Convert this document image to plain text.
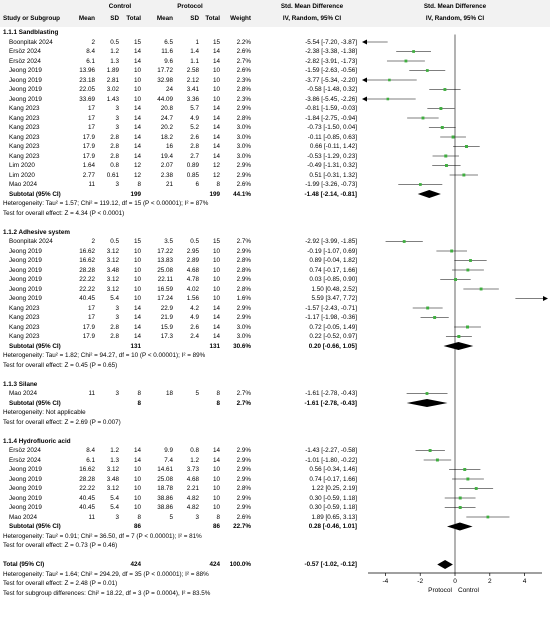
Control	Protocol	Std. Mean Difference
Study or Subgroup	Mean	SD	Total	Mean	SD	Total	Weight	IV, Random, 95% CI
Std. Mean Difference
IV, Random, 95% CI
1.1.1 Sandblasting
Boonpitak 2024	2	0.5	15	6.5	1	15	2.2%	-5.54 [-7.20, -3.87]
Ersöz 2024	8.4	1.2	14	11.6	1.4	14	2.6%	-2.38 [-3.38, -1.38]
Ersöz 2024	6.1	1.3	14	9.6	1.1	14	2.7%	-2.82 [-3.91, -1.73]
Jeong 2019	13.96	1.89	10	17.72	2.58	10	2.6%	-1.59 [-2.63, -0.56]
Jeong 2019	23.18	2.81	10	32.98	2.12	10	2.3%	-3.77 [-5.34, -2.20]
Jeong 2019	22.05	3.02	10	24	3.41	10	2.8%	-0.58 [-1.48, 0.32]
Jeong 2019	33.69	1.43	10	44.09	3.36	10	2.3%	-3.86 [-5.45, -2.26]
Kang 2023	17	3	14	20.8	5.7	14	2.9%	-0.81 [-1.59, -0.03]
Kang 2023	17	3	14	24.7	4.9	14	2.8%	-1.84 [-2.75, -0.94]
Kang 2023	17	3	14	20.2	5.2	14	3.0%	-0.73 [-1.50, 0.04]
Kang 2023	17.9	2.8	14	18.2	2.6	14	3.0%	-0.11 [-0.85, 0.63]
Kang 2023	17.9	2.8	14	16	2.8	14	3.0%	0.66 [-0.11, 1.42]
Kang 2023	17.9	2.8	14	19.4	2.7	14	3.0%	-0.53 [-1.29, 0.23]
Lim 2020	1.64	0.8	12	2.07	0.89	12	2.9%	-0.49 [-1.31, 0.32]
Lim 2020	2.77	0.61	12	2.38	0.85	12	2.9%	0.51 [-0.31, 1.32]
Mao 2024	11	3	8	21	6	8	2.6%	-1.99 [-3.26, -0.73]
Subtotal (95% CI)	199	199	44.1%	-1.48 [-2.14, -0.81]
Heterogeneity: Tau² = 1.57; Chi² = 119.12, df = 15 (P < 0.00001); I² = 87%
Test for overall effect: Z = 4.34 (P < 0.0001)
1.1.2 Adhesive system
Boonpitak 2024	2	0.5	15	3.5	0.5	15	2.7%	-2.92 [-3.99, -1.85]
Jeong 2019	16.62	3.12	10	17.22	2.95	10	2.9%	-0.19 [-1.07, 0.69]
Jeong 2019	16.62	3.12	10	13.83	2.89	10	2.8%	0.89 [-0.04, 1.82]
Jeong 2019	28.28	3.48	10	25.08	4.68	10	2.8%	0.74 [-0.17, 1.66]
Jeong 2019	22.22	3.12	10	22.11	4.78	10	2.9%	0.03 [-0.85, 0.90]
Jeong 2019	22.22	3.12	10	16.59	4.02	10	2.8%	1.50 [0.48, 2.52]
Jeong 2019	40.45	5.4	10	17.24	1.56	10	1.6%	5.59 [3.47, 7.72]
Kang 2023	17	3	14	22.9	4.2	14	2.9%	-1.57 [-2.43, -0.71]
Kang 2023	17	3	14	21.9	4.9	14	2.9%	-1.17 [-1.98, -0.36]
Kang 2023	17.9	2.8	14	15.9	2.6	14	3.0%	0.72 [-0.05, 1.49]
Kang 2023	17.9	2.8	14	17.3	2.4	14	3.0%	0.22 [-0.52, 0.97]
Subtotal (95% CI)	131	131	30.6%	0.20 [-0.66, 1.05]
Heterogeneity: Tau² = 1.82; Chi² = 94.27, df = 10 (P < 0.00001); I² = 89%
Test for overall effect: Z = 0.45 (P = 0.65)
1.1.3 Silane
Mao 2024	11	3	8	18	5	8	2.7%	-1.61 [-2.78, -0.43]
Subtotal (95% CI)	8	8	2.7%	-1.61 [-2.78, -0.43]
Heterogeneity: Not applicable
Test for overall effect: Z = 2.69 (P = 0.007)
1.1.4 Hydrofluoric acid
Ersöz 2024	8.4	1.2	14	9.9	0.8	14	2.9%	-1.43 [-2.27, -0.58]
Ersöz 2024	6.1	1.3	14	7.4	1.2	14	2.9%	-1.01 [-1.80, -0.22]
Jeong 2019	16.62	3.12	10	14.61	3.73	10	2.9%	0.56 [-0.34, 1.46]
Jeong 2019	28.28	3.48	10	25.08	4.68	10	2.9%	0.74 [-0.17, 1.66]
Jeong 2019	22.22	3.12	10	18.78	2.21	10	2.8%	1.22 [0.25, 2.19]
Jeong 2019	40.45	5.4	10	38.86	4.82	10	2.9%	0.30 [-0.59, 1.18]
Jeong 2019	40.45	5.4	10	38.86	4.82	10	2.9%	0.30 [-0.59, 1.18]
Mao 2024	11	3	8	5	3	8	2.6%	1.89 [0.65, 3.13]
Subtotal (95% CI)	86	86	22.7%	0.28 [-0.46, 1.01]
Heterogeneity: Tau² = 0.91; Chi² = 36.50, df = 7 (P < 0.00001); I² = 81%
Test for overall effect: Z = 0.73 (P = 0.46)
Total (95% CI)	424	424	100.0%	-0.57 [-1.02, -0.12]
Heterogeneity: Tau² = 1.64; Chi² = 294.29, df = 35 (P < 0.00001); I² = 88%
Test for overall effect: Z = 2.48 (P = 0.01)
Test for subgroup differences: Chi² = 18.22, df = 3 (P = 0.0004), I² = 83.5%
-4	-2	0	2	4
Protocol Control
